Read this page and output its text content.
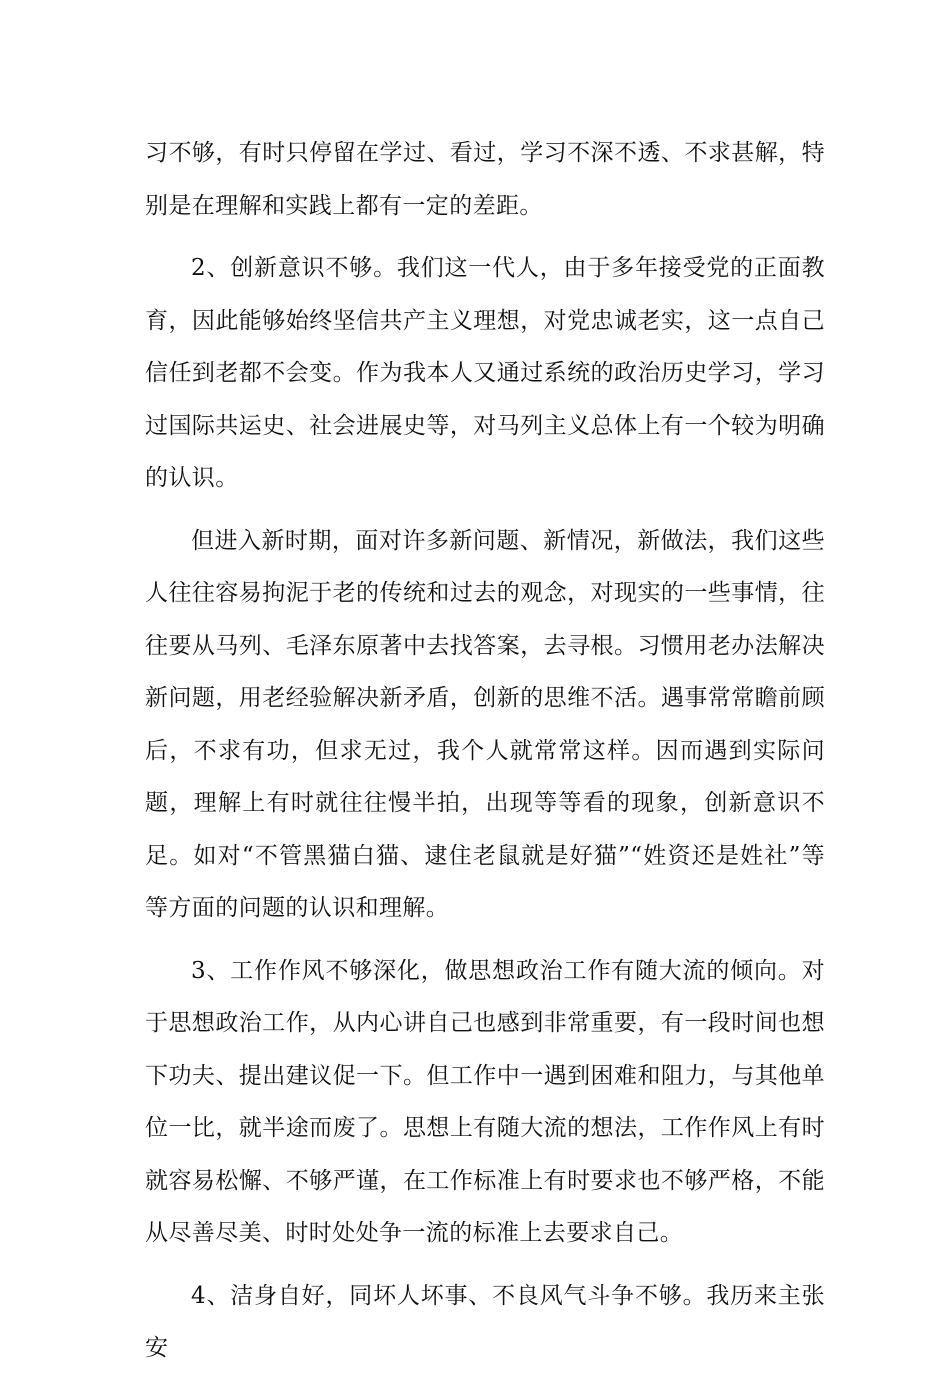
习不够，有时只停留在学过、看过，学习不深不透、不求甚解，特别是在理解和实践上都有一定的差距。

2、创新意识不够。我们这一代人，由于多年接受党的正面教育，因此能够始终坚信共产主义理想，对党忠诚老实，这一点自己信任到老都不会变。作为我本人又通过系统的政治历史学习，学习过国际共运史、社会进展史等，对马列主义总体上有一个较为明确的认识。

但进入新时期，面对许多新问题、新情况，新做法，我们这些人往往容易拘泥于老的传统和过去的观念，对现实的一些事情，往往要从马列、毛泽东原著中去找答案，去寻根。习惯用老办法解决新问题，用老经验解决新矛盾，创新的思维不活。遇事常常瞻前顾后，不求有功，但求无过，我个人就常常这样。因而遇到实际问题，理解上有时就往往慢半拍，出现等等看的现象，创新意识不足。如对“不管黑猫白猫、逮住老鼠就是好猫”“姓资还是姓社”等等方面的问题的认识和理解。

3、工作作风不够深化，做思想政治工作有随大流的倾向。对于思想政治工作，从内心讲自己也感到非常重要，有一段时间也想下功夫、提出建议促一下。但工作中一遇到困难和阻力，与其他单位一比，就半途而废了。思想上有随大流的想法，工作作风上有时就容易松懈、不够严谨，在工作标准上有时要求也不够严格，不能从尽善尽美、时时处处争一流的标准上去要求自己。

4、洁身自好，同坏人坏事、不良风气斗争不够。我历来主张安
